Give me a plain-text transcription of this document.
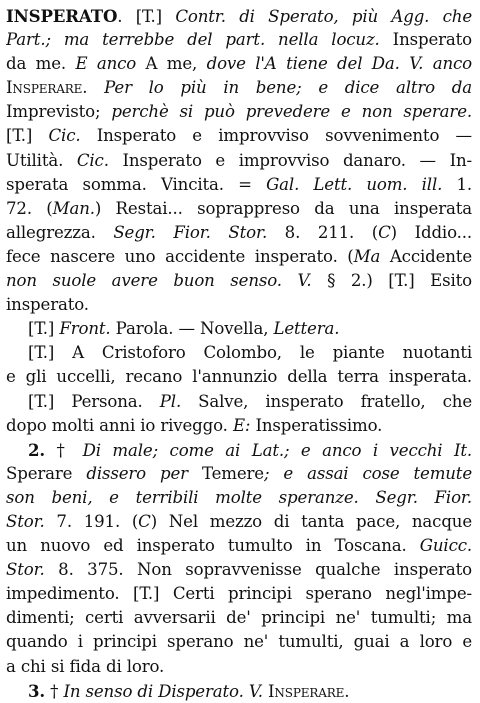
INSPERATO. [T.] Contr. di Sperato, più Agg. che
Part.; ma terrebbe del part. nella locuz. Insperato
da me. E anco A me, dove l'A tiene del Da. V. anco
Insperare. Per lo più in bene; e dice altro da
Imprevisto; perchè si può prevedere e non sperare.
[T.] Cic. Insperato e improvviso sovvenimento —
Utilità. Cic. Insperato e improvviso danaro. — In-
sperata somma. Vincita. = Gal. Lett. uom. ill. 1.
72. (Man.) Restai... soprappreso da una insperata
allegrezza. Segr. Fior. Stor. 8. 211. (C) Iddio...
fece nascere uno accidente insperato. (Ma Accidente
non suole avere buon senso. V. § 2.) [T.] Esito
insperato.
[T.] Front. Parola. — Novella, Lettera.
[T.] A Cristoforo Colombo, le piante nuotanti
e gli uccelli, recano l'annunzio della terra insperata.
[T.] Persona. Pl. Salve, insperato fratello, che
dopo molti anni io riveggo. E: Insperatissimo.
2. † Di male; come ai Lat.; e anco i vecchi It.
Sperare dissero per Temere; e assai cose temute
son beni, e terribili molte speranze. Segr. Fior.
Stor. 7. 191. (C) Nel mezzo di tanta pace, nacque
un nuovo ed insperato tumulto in Toscana. Guicc.
Stor. 8. 375. Non sopravvenisse qualche insperato
impedimento. [T.] Certi principi sperano negl'impe-
dimenti; certi avversarii de' principi ne' tumulti; ma
quando i principi sperano ne' tumulti, guai a loro e
a chi si fida di loro.
3. † In senso di Disperato. V. Insperare.
